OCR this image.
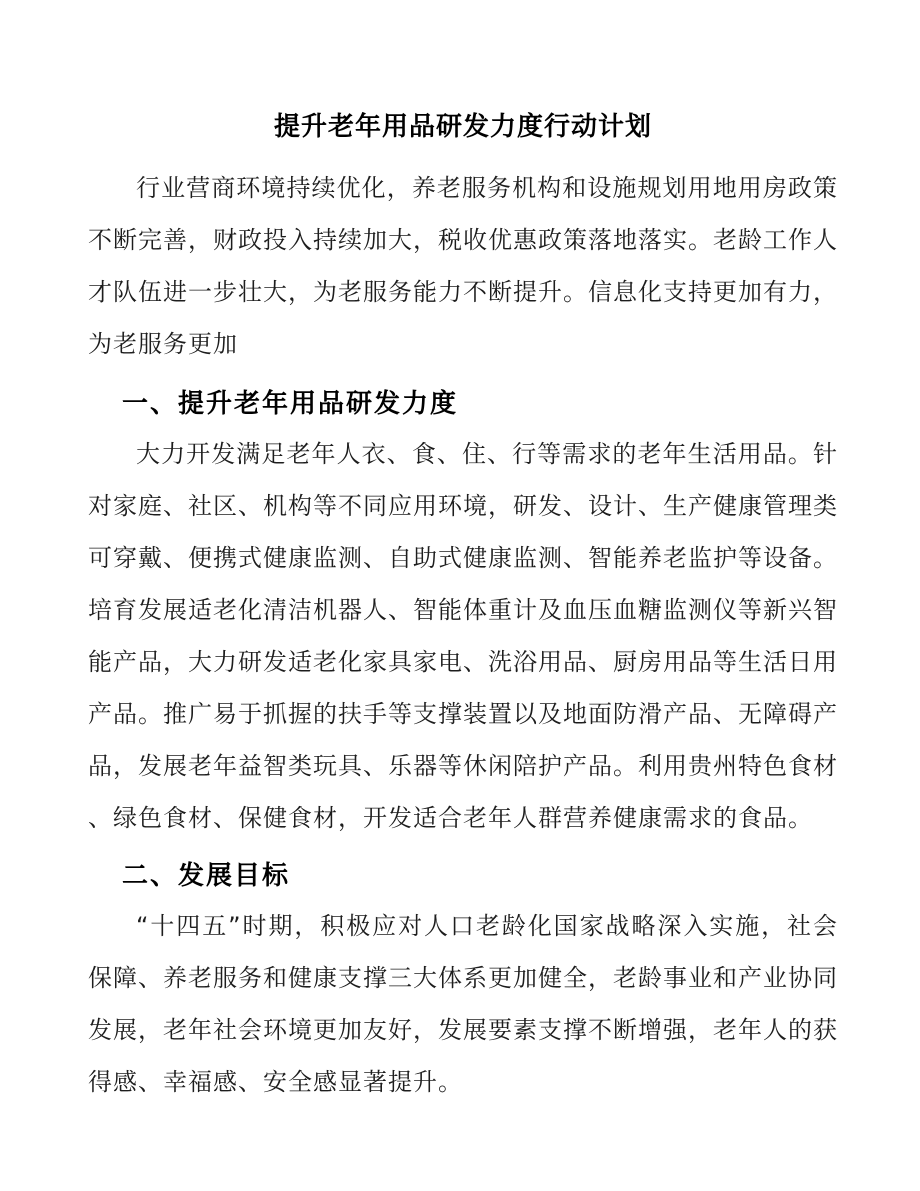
提升老年用品研发力度行动计划

行业营商环境持续优化，养老服务机构和设施规划用地用房政策

不断完善，财政投入持续加大，税收优惠政策落地落实。老龄工作人

才队伍进一步壮大，为老服务能力不断提升。信息化支持更加有力，

为老服务更加

一、提升老年用品研发力度

大力开发满足老年人衣、食、住、行等需求的老年生活用品。针

对家庭、社区、机构等不同应用环境，研发、设计、生产健康管理类

可穿戴、便携式健康监测、自助式健康监测、智能养老监护等设备。

培育发展适老化清洁机器人、智能体重计及血压血糖监测仪等新兴智

能产品，大力研发适老化家具家电、洗浴用品、厨房用品等生活日用

产品。推广易于抓握的扶手等支撑装置以及地面防滑产品、无障碍产

品，发展老年益智类玩具、乐器等休闲陪护产品。利用贵州特色食材

、绿色食材、保健食材，开发适合老年人群营养健康需求的食品。

二、发展目标

“十四五”时期，积极应对人口老龄化国家战略深入实施，社会

保障、养老服务和健康支撑三大体系更加健全，老龄事业和产业协同

发展，老年社会环境更加友好，发展要素支撑不断增强，老年人的获

得感、幸福感、安全感显著提升。
